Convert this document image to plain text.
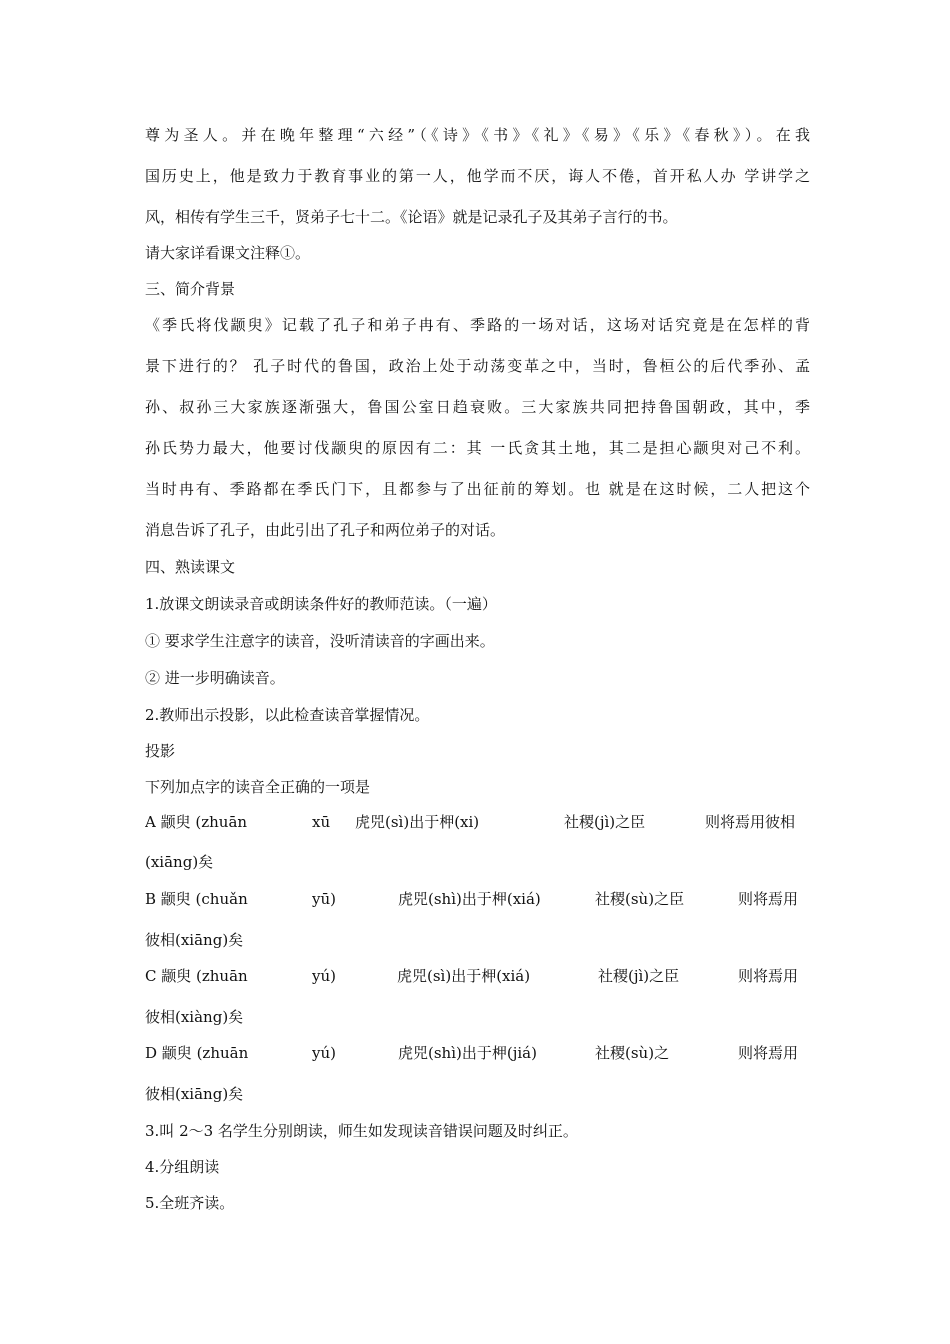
尊为圣人。并在晚年整理“六经”（《诗》《书》《礼》《易》《乐》《春秋》）。在我
国历史上，他是致力于教育事业的第一人，他学而不厌，诲人不倦，首开私人办 学讲学之
风，相传有学生三千，贤弟子七十二。《论语》就是记录孔子及其弟子言行的书。
请大家详看课文注释①。
三、简介背景
《季氏将伐颛臾》记载了孔子和弟子冉有、季路的一场对话，这场对话究竟是在怎样的背
景下进行的？ 孔子时代的鲁国，政治上处于动荡变革之中，当时，鲁桓公的后代季孙、孟
孙、叔孙三大家族逐渐强大，鲁国公室日趋衰败。三大家族共同把持鲁国朝政，其中，季
孙氏势力最大，他要讨伐颛臾的原因有二：其 一氏贪其土地，其二是担心颛臾对己不利。
当时冉有、季路都在季氏门下，且都参与了出征前的筹划。也 就是在这时候，二人把这个
消息告诉了孔子，由此引出了孔子和两位弟子的对话。
四、熟读课文
1.放课文朗读录音或朗读条件好的教师范读。（一遍）
① 要求学生注意字的读音，没听清读音的字画出来。
② 进一步明确读音。
2.教师出示投影，以此检查读音掌握情况。
投影
下列加点字的读音全正确的一项是
A 颛臾 (zhuān	xū 虎兕(sì)出于柙(xi)	社稷(jì)之臣	则将焉用彼相
(xiāng)矣
B 颛臾 (chuǎn	yū)	虎兕(shì)出于柙(xiá)	社稷(sù)之臣	则将焉用
彼相(xiāng)矣
C 颛臾 (zhuān	yú)	虎兕(sì)出于柙(xiá)	社稷(jì)之臣	则将焉用
彼相(xiàng)矣
D 颛臾 (zhuān	yú)	虎兕(shì)出于柙(jiá)	社稷(sù)之	则将焉用
彼相(xiāng)矣
3.叫 2～3 名学生分别朗读，师生如发现读音错误问题及时纠正。
4.分组朗读
5.全班齐读。
